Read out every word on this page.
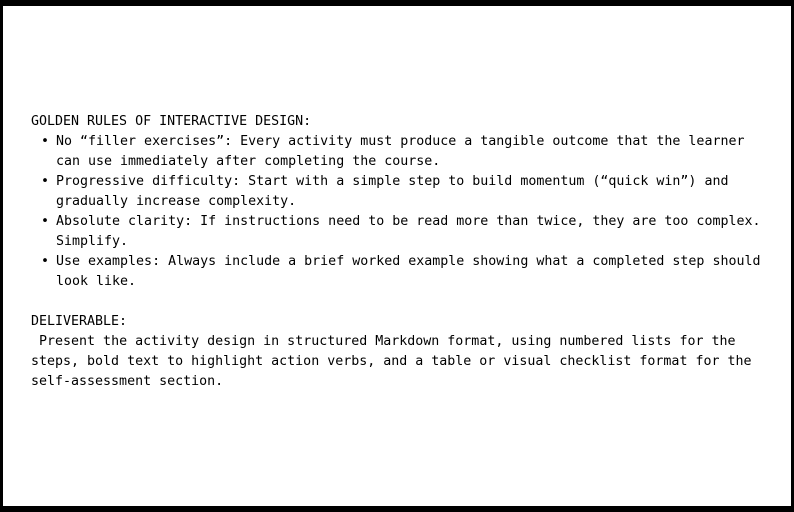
GOLDEN RULES OF INTERACTIVE DESIGN:
• No “filler exercises”: Every activity must produce a tangible outcome that the learner can use immediately after completing the course.
• Progressive difficulty: Start with a simple step to build momentum (“quick win”) and gradually increase complexity.
• Absolute clarity: If instructions need to be read more than twice, they are too complex. Simplify.
• Use examples: Always include a brief worked example showing what a completed step should look like.
DELIVERABLE:
Present the activity design in structured Markdown format, using numbered lists for the steps, bold text to highlight action verbs, and a table or visual checklist format for the self-assessment section.
